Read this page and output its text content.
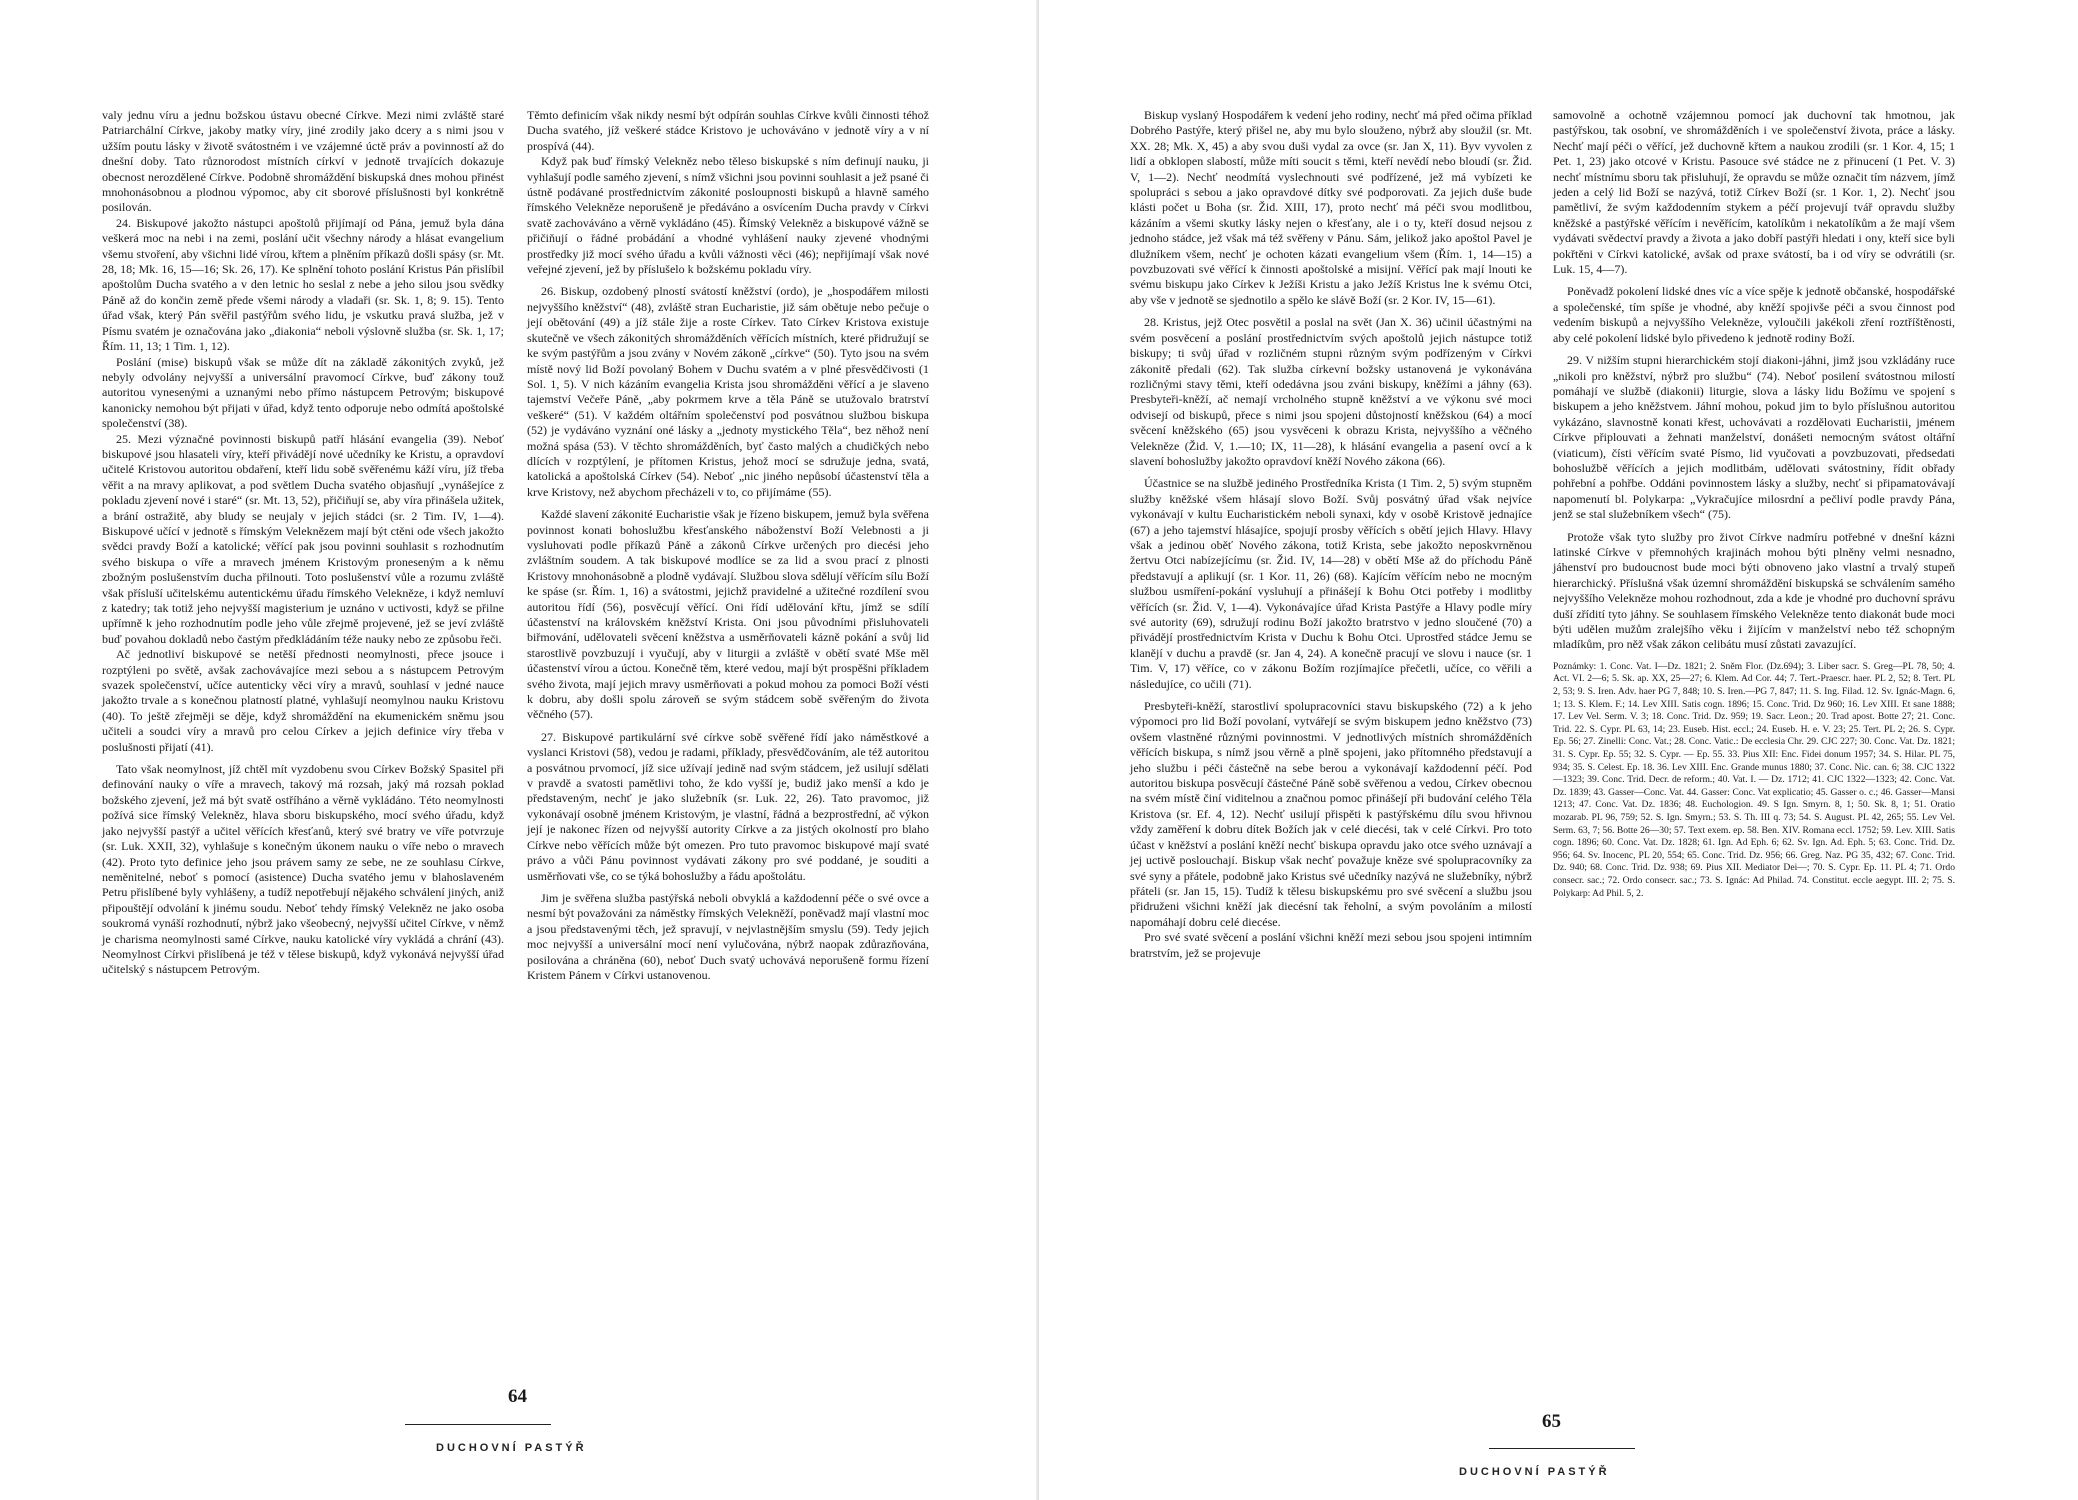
valy jednu víru a jednu božskou ústavu obecné Církve. Mezi nimi zvláště staré Patriarchální Církve, jakoby matky víry, jiné zrodily jako dcery a s nimi jsou v užším poutu lásky v životě svátostném i ve vzájemné úctě práv a povinností až do dnešní doby. Tato různorodost místních církví v jednotě trvajících dokazuje obecnost nerozdělené Církve. Podobně shromáždění biskupská dnes mohou přinést mnohonásobnou a plodnou výpomoc, aby cit sborové příslušnosti byl konkrétně posilován.

24. Biskupové jakožto nástupci apoštolů přijímají od Pána, jemuž byla dána veškerá moc na nebi i na zemi, poslání učit všechny národy a hlásat evangelium všemu stvoření, aby všichni lidé vírou, křtem a plněním příkazů došli spásy (sr. Mt. 28, 18; Mk. 16, 15—16; Sk. 26, 17). Ke splnění tohoto poslání Kristus Pán přislíbil apoštolům Ducha svatého a v den letnic ho seslal z nebe a jeho silou jsou svědky Páně až do končin země přede všemi národy a vladaři (sr. Sk. 1, 8; 9. 15). Tento úřad však, který Pán svěřil pastýřům svého lidu, je vskutku pravá služba, jež v Písmu svatém je označována jako „diakonia“ neboli výslovně služba (sr. Sk. 1, 17; Řím. 11, 13; 1 Tim. 1, 12).

Poslání (mise) biskupů však se může dít na základě zákonitých zvyků, jež nebyly odvolány nejvyšší a universální pravomocí Církve, buď zákony touž autoritou vynesenými a uznanými nebo přímo nástupcem Petrovým; biskupové kanonicky nemohou být přijati v úřad, když tento odporuje nebo odmítá apoštolské společenství (38).

25. Mezi význačné povinnosti biskupů patří hlásání evangelia (39). Neboť biskupové jsou hlasateli víry, kteří přivádějí nové učedníky ke Kristu, a opravdoví učitelé Kristovou autoritou obdaření, kteří lidu sobě svěřenému káží víru, jíž třeba věřit a na mravy aplikovat, a pod světlem Ducha svatého objasňují „vynášejíce z pokladu zjevení nové i staré“ (sr. Mt. 13, 52), přičiňují se, aby víra přinášela užitek, a brání ostražitě, aby bludy se neujaly v jejich stádci (sr. 2 Tim. IV, 1—4). Biskupové učící v jednotě s římským Veleknězem mají být ctěni ode všech jakožto svědci pravdy Boží a katolické; věřící pak jsou povinni souhlasit s rozhodnutím svého biskupa o víře a mravech jménem Kristovým proneseným a k němu zbožným poslušenstvím ducha přilnouti. Toto poslušenství vůle a rozumu zvláště však přísluší učitelskému autentickému úřadu římského Velekněze, i když nemluví z katedry; tak totiž jeho nejvyšší magisterium je uznáno v uctivosti, když se přilne upřímně k jeho rozhodnutím podle jeho vůle zřejmě projevené, jež se jeví zvláště buď povahou dokladů nebo častým předkládáním téže nauky nebo ze způsobu řeči.

Ač jednotliví biskupové se netěší přednosti neomylnosti, přece jsouce i rozptýleni po světě, avšak zachovávajíce mezi sebou a s nástupcem Petrovým svazek společenství, učíce autenticky věci víry a mravů, souhlasí v jedné nauce jakožto trvale a s konečnou platností platné, vyhlašují neomylnou nauku Kristovu (40). To ještě zřejměji se děje, když shromáždění na ekumenickém sněmu jsou učiteli a soudci víry a mravů pro celou Církev a jejich definice víry třeba v poslušnosti přijatí (41).

Tato však neomylnost, jíž chtěl mít vyzdobenu svou Církev Božský Spasitel při definování nauky o víře a mravech, takový má rozsah, jaký má rozsah poklad božského zjevení, jež má být svatě ostříháno a věrně vykládáno. Této neomylnosti požívá sice římský Velekněz, hlava sboru biskupského, mocí svého úřadu, když jako nejvyšší pastýř a učitel věřících křesťanů, který své bratry ve víře potvrzuje (sr. Luk. XXII, 32), vyhlašuje s konečným úkonem nauku o víře nebo o mravech (42). Proto tyto definice jeho jsou právem samy ze sebe, ne ze souhlasu Církve, neměnitelné, neboť s pomocí (asistence) Ducha svatého jemu v blahoslaveném Petru přislíbené byly vyhlášeny, a tudíž nepotřebují nějakého schválení jiných, aniž připouštějí odvolání k jinému soudu. Neboť tehdy římský Velekněz ne jako osoba soukromá vynáší rozhodnutí, nýbrž jako všeobecný, nejvyšší učitel Církve, v němž je charisma neomylnosti samé Církve, nauku katolické víry vykládá a chrání (43). Neomylnost Církvi přislíbená je též v tělese biskupů, když vykonává nejvyšší úřad učitelský s nástupcem Petrovým.

Těmto definicím však nikdy nesmí být odpírán souhlas Církve kvůli činnosti téhož Ducha svatého, jíž veškeré stádce Kristovo je uchováváno v jednotě víry a v ní prospívá (44).

Když pak buď římský Velekněz nebo těleso biskupské s ním definují nauku, ji vyhlašují podle samého zjevení, s nímž všichni jsou povinni souhlasit a jež psané či ústně podávané prostřednictvím zákonité posloupnosti biskupů a hlavně samého římského Velekněze neporušeně je předáváno a osvícením Ducha pravdy v Církvi svatě zachováváno a věrně vykládáno (45). Římský Velekněz a biskupové vážně se přičiňují o řádné probádání a vhodné vyhlášení nauky zjevené vhodnými prostředky již mocí svého úřadu a kvůli vážnosti věci (46); nepřijímají však nové veřejné zjevení, jež by příslušelo k božskému pokladu víry.

26. Biskup, ozdobený plností svátostí kněžství (ordo), je „hospodářem milosti nejvyššího kněžství“ (48), zvláště stran Eucharistie, již sám obětuje nebo pečuje o její obětování (49) a jíž stále žije a roste Církev. Tato Církev Kristova existuje skutečně ve všech zákonitých shromážděních věřících místních, které přidružují se ke svým pastýřům a jsou zvány v Novém zákoně „církve“ (50). Tyto jsou na svém místě nový lid Boží povolaný Bohem v Duchu svatém a v plné přesvědčivosti (1 Sol. 1, 5). V nich kázáním evangelia Krista jsou shromážděni věřící a je slaveno tajemství Večeře Páně, „aby pokrmem krve a těla Páně se utužovalo bratrství veškeré“ (51). V každém oltářním společenství pod posvátnou službou biskupa (52) je vydáváno vyznání oné lásky a „jednoty mystického Těla“, bez něhož není možná spása (53). V těchto shromážděních, byť často malých a chudičkých nebo dlících v rozptýlení, je přítomen Kristus, jehož mocí se sdružuje jedna, svatá, katolická a apoštolská Církev (54). Neboť „nic jiného nepůsobí účastenství těla a krve Kristovy, než abychom přecházeli v to, co přijímáme (55).

Každé slavení zákonité Eucharistie však je řízeno biskupem, jemuž byla svěřena povinnost konati bohoslužbu křesťanského náboženství Boží Velebnosti a ji vysluhovati podle příkazů Páně a zákonů Církve určených pro diecési jeho zvláštním soudem. A tak biskupové modlíce se za lid a svou prací z plnosti Kristovy mnohonásobně a plodně vydávají. Službou slova sdělují věřícím sílu Boží ke spáse (sr. Řím. 1, 16) a svátostmi, jejichž pravidelné a užitečné rozdílení svou autoritou řídí (56), posvěcují věřící. Oni řídí udělování křtu, jímž se sdílí účastenství na královském kněžství Krista. Oni jsou původními přisluhovateli biřmování, udělovateli svěcení kněžstva a usměrňovateli kázně pokání a svůj lid starostlivě povzbuzují i vyučují, aby v liturgii a zvláště v obětí svaté Mše měl účastenství vírou a úctou. Konečně těm, které vedou, mají být prospěšni příkladem svého života, mají jejich mravy usměrňovati a pokud mohou za pomoci Boží vésti k dobru, aby došli spolu zároveň se svým stádcem sobě svěřeným do života věčného (57).

27. Biskupové partikulární své církve sobě svěřené řídí jako náměstkové a vyslanci Kristovi (58), vedou je radami, příklady, přesvědčováním, ale též autoritou a posvátnou prvomocí, jíž sice užívají jedině nad svým stádcem, jež usilují sdělati v pravdě a svatosti pamětlivi toho, že kdo vyšší je, budiž jako menší a kdo je představeným, nechť je jako služebník (sr. Luk. 22, 26). Tato pravomoc, již vykonávají osobně jménem Kristovým, je vlastní, řádná a bezprostřední, ač výkon její je nakonec řízen od nejvyšší autority Církve a za jistých okolností pro blaho Církve nebo věřících může být omezen. Pro tuto pravomoc biskupové mají svaté právo a vůči Pánu povinnost vydávati zákony pro své poddané, je souditi a usměrňovati vše, co se týká bohoslužby a řádu apoštolátu.

Jim je svěřena služba pastýřská neboli obvyklá a každodenní péče o své ovce a nesmí být považováni za náměstky římských Velekněží, poněvadž mají vlastní moc a jsou představenými těch, jež spravují, v nejvlastnějším smyslu (59). Tedy jejich moc nejvyšší a universální mocí není vylučována, nýbrž naopak zdůrazňována, posilována a chráněna (60), neboť Duch svatý uchovává neporušeně formu řízení Kristem Pánem v Církvi ustanovenou.

64
DUCHOVNÍ PASTÝŘ

Biskup vyslaný Hospodářem k vedení jeho rodiny, nechť má před očima příklad Dobrého Pastýře, který přišel ne, aby mu bylo slouženo, nýbrž aby sloužil (sr. Mt. XX. 28; Mk. X, 45) a aby svou duši vydal za ovce (sr. Jan X, 11). Byv vyvolen z lidí a obklopen slabostí, může míti soucit s těmi, kteří nevědí nebo bloudí (sr. Žid. V, 1—2). Nechť neodmítá vyslechnouti své podřízené, jež má vybízeti ke spolupráci s sebou a jako opravdové dítky své podporovati. Za jejich duše bude klásti počet u Boha (sr. Žid. XIII, 17), proto nechť má péči svou modlitbou, kázáním a všemi skutky lásky nejen o křesťany, ale i o ty, kteří dosud nejsou z jednoho stádce, jež však má též svěřeny v Pánu. Sám, jelikož jako apoštol Pavel je dlužníkem všem, nechť je ochoten kázati evangelium všem (Řím. 1, 14—15) a povzbuzovati své věřící k činnosti apoštolské a misijní. Věřící pak mají lnouti ke svému biskupu jako Církev k Ježíši Kristu a jako Ježíš Kristus lne k svému Otci, aby vše v jednotě se sjednotilo a spělo ke slávě Boží (sr. 2 Kor. IV, 15—61).

28. Kristus, jejž Otec posvětil a poslal na svět (Jan X. 36) učinil účastnými na svém posvěcení a poslání prostřednictvím svých apoštolů jejich nástupce totiž biskupy; ti svůj úřad v rozličném stupni různým svým podřízeným v Církvi zákonitě předali (62). Tak služba církevní božsky ustanovená je vykonávána rozličnými stavy těmi, kteří odedávna jsou zváni biskupy, kněžími a jáhny (63). Presbyteři-kněží, ač nemají vrcholného stupně kněžství a ve výkonu své moci odvisejí od biskupů, přece s nimi jsou spojeni důstojností kněžskou (64) a mocí svěcení kněžského (65) jsou vysvěceni k obrazu Krista, nejvyššího a věčného Velekněze (Žid. V, 1.—10; IX, 11—28), k hlásání evangelia a pasení ovcí a k slavení bohoslužby jakožto opravdoví kněží Nového zákona (66).

Účastnice se na službě jediného Prostředníka Krista (1 Tim. 2, 5) svým stupněm služby kněžské všem hlásají slovo Boží. Svůj posvátný úřad však nejvíce vykonávají v kultu Eucharistickém neboli synaxi, kdy v osobě Kristově jednajíce (67) a jeho tajemství hlásajíce, spojují prosby věřících s obětí jejich Hlavy. Hlavy však a jedinou oběť Nového zákona, totiž Krista, sebe jakožto neposkvrněnou žertvu Otci nabízejícímu (sr. Žid. IV, 14—28) v obětí Mše až do příchodu Páně představují a aplikují (sr. 1 Kor. 11, 26) (68). Kajícím věřícím nebo ne mocným službou usmíření-pokání vysluhují a přinášejí k Bohu Otci potřeby i modlitby věřících (sr. Žid. V, 1—4). Vykonávajíce úřad Krista Pastýře a Hlavy podle míry své autority (69), sdružují rodinu Boží jakožto bratrstvo v jedno sloučené (70) a přivádějí prostřednictvím Krista v Duchu k Bohu Otci. Uprostřed stádce Jemu se klanějí v duchu a pravdě (sr. Jan 4, 24). A konečně pracují ve slovu i nauce (sr. 1 Tim. V, 17) věříce, co v zákonu Božím rozjímajíce přečetli, učíce, co věřili a následujíce, co učili (71).

Presbyteři-kněží, starostliví spolupracovníci stavu biskupského (72) a k jeho výpomoci pro lid Boží povolaní, vytvářejí se svým biskupem jedno kněžstvo (73) ovšem vlastněné různými povinnostmi. V jednotlivých místních shromážděních věřících biskupa, s nímž jsou věrně a plně spojeni, jako přítomného představují a jeho službu i péči částečně na sebe berou a vykonávají každodenní péčí. Pod autoritou biskupa posvěcují částečné Páně sobě svěřenou a vedou, Církev obecnou na svém místě činí viditelnou a značnou pomoc přinášejí při budování celého Těla Kristova (sr. Ef. 4, 12). Nechť usilují přispěti k pastýřskému dílu svou hřivnou vždy zaměření k dobru dítek Božích jak v celé diecési, tak v celé Církvi. Pro toto účast v kněžství a poslání kněží nechť biskupa opravdu jako otce svého uznávají a jej uctivě poslouchají. Biskup však nechť považuje kněze své spolupracovníky za své syny a přátele, podobně jako Kristus své učedníky nazývá ne služebníky, nýbrž přáteli (sr. Jan 15, 15). Tudíž k tělesu biskupskému pro své svěcení a službu jsou přidruženi všichni kněží jak diecésní tak řeholní, a svým povoláním a milostí napomáhají dobru celé diecése.

Pro své svaté svěcení a poslání všichni kněží mezi sebou jsou spojeni intimním bratrstvím, jež se projevuje

samovolně a ochotně vzájemnou pomocí jak duchovní tak hmotnou, jak pastýřskou, tak osobní, ve shromážděních i ve společenství života, práce a lásky. Nechť mají péči o věřící, jež duchovně křtem a naukou zrodili (sr. 1 Kor. 4, 15; 1 Pet. 1, 23) jako otcové v Kristu. Pasouce své stádce ne z přinucení (1 Pet. V. 3) nechť místnímu sboru tak přisluhují, že opravdu se může označit tím názvem, jímž jeden a celý lid Boží se nazývá, totiž Církev Boží (sr. 1 Kor. 1, 2). Nechť jsou pamětliví, že svým každodenním stykem a péčí projevují tvář opravdu služby kněžské a pastýřské věřícím i nevěřícím, katolíkům i nekatolíkům a že mají všem vydávati svědectví pravdy a života a jako dobří pastýři hledati i ony, kteří sice byli pokřtěni v Církvi katolické, avšak od praxe svátostí, ba i od víry se odvrátili (sr. Luk. 15, 4—7).

Poněvadž pokolení lidské dnes víc a více spěje k jednotě občanské, hospodářské a společenské, tím spíše je vhodné, aby kněží spojivše péči a svou činnost pod vedením biskupů a nejvyššího Velekněze, vyloučili jakékoli zření roztříštěnosti, aby celé pokolení lidské bylo přivedeno k jednotě rodiny Boží.

29. V nižším stupni hierarchickém stojí diakoni-jáhni, jimž jsou vzkládány ruce „nikoli pro kněžství, nýbrž pro službu“ (74). Neboť posilení svátostnou milostí pomáhají ve službě (diakonii) liturgie, slova a lásky lidu Božímu ve spojení s biskupem a jeho kněžstvem. Jáhní mohou, pokud jim to bylo příslušnou autoritou vykázáno, slavnostně konati křest, uchovávati a rozdělovati Eucharistii, jménem Církve připlouvati a žehnati manželství, donášeti nemocným svátost oltářní (viaticum), čísti věřícím svaté Písmo, lid vyučovati a povzbuzovati, předsedati bohoslužbě věřících a jejich modlitbám, udělovati svátostniny, řídit obřady pohřební a pohřbe. Oddáni povinnostem lásky a služby, nechť si připamatovávají napomenutí bl. Polykarpa: „Vykračujíce milosrdní a pečliví podle pravdy Pána, jenž se stal služebníkem všech“ (75).

Protože však tyto služby pro život Církve nadmíru potřebné v dnešní kázni latinské Církve v přemnohých krajinách mohou býti plněny velmi nesnadno, jáhenství pro budoucnost bude moci býti obnoveno jako vlastní a trvalý stupeň hierarchický. Příslušná však územní shromáždění biskupská se schválením samého nejvyššího Velekněze mohou rozhodnout, zda a kde je vhodné pro duchovní správu duší zřídití tyto jáhny. Se souhlasem římského Velekněze tento diakonát bude moci býti udělen mužům zralejšího věku i žijícím v manželství nebo též schopným mladíkům, pro něž však zákon celibátu musí zůstati zavazující.

Poznámky: 1. Conc. Vat. I—Dz. 1821; 2. Sněm Flor. (Dz.694); 3. Liber sacr. S. Greg—PL 78, 50; 4. Act. VI. 2—6; 5. Sk. ap. XX, 25—27; 6. Klem. Ad Cor. 44; 7. Tert.-Praescr. haer. PL 2, 52; 8. Tert. PL 2, 53; 9. S. Iren. Adv. haer PG 7, 848; 10. S. Iren.—PG 7, 847; 11. S. Ing. Filad. 12. Sv. Ignác-Magn. 6, 1; 13. S. Klem. F.; 14. Lev XIII. Satis cogn. 1896; 15. Conc. Trid. Dz 960; 16. Lev XIII. Et sane 1888; 17. Lev Vel. Serm. V. 3; 18. Conc. Trid. Dz. 959; 19. Sacr. Leon.; 20. Trad apost. Botte 27; 21. Conc. Trid. 22. S. Cypr. PL 63, 14; 23. Euseb. Hist. eccl.; 24. Euseb. H. e. V. 23; 25. Tert. PL 2; 26. S. Cypr. Ep. 56; 27. Zinelli: Conc. Vat.; 28. Conc. Vatic.: De ecclesia Chr. 29. CJC 227; 30. Conc. Vat. Dz. 1821; 31. S. Cypr. Ep. 55; 32. S. Cypr. — Ep. 55. 33. Pius XII: Enc. Fidei donum 1957; 34. S. Hilar. PL 75, 934; 35. S. Celest. Ep. 18. 36. Lev XIII. Enc. Grande munus 1880; 37. Conc. Nic. can. 6; 38. CJC 1322—1323; 39. Conc. Trid. Decr. de reform.; 40. Vat. I. — Dz. 1712; 41. CJC 1322—1323; 42. Conc. Vat. Dz. 1839; 43. Gasser—Conc. Vat. 44. Gasser: Conc. Vat explicatio; 45. Gasser o. c.; 46. Gasser—Mansi 1213; 47. Conc. Vat. Dz. 1836; 48. Euchologion. 49. S Ign. Smyrn. 8, 1; 50. Sk. 8, 1; 51. Oratio mozarab. PL 96, 759; 52. S. Ign. Smyrn.; 53. S. Th. III q. 73; 54. S. August. PL 42, 265; 55. Lev Vel. Serm. 63, 7; 56. Botte 26—30; 57. Text exem. ep. 58. Ben. XIV. Romana eccl. 1752; 59. Lev. XIII. Satis cogn. 1896; 60. Conc. Vat. Dz. 1828; 61. Ign. Ad Eph. 6; 62. Sv. Ign. Ad. Eph. 5; 63. Conc. Trid. Dz. 956; 64. Sv. Inocenc, PL 20, 554; 65. Conc. Trid. Dz. 956; 66. Greg. Naz. PG 35, 432; 67. Conc. Trid. Dz. 940; 68. Conc. Trid. Dz. 938; 69. Pius XII. Mediator Dei—; 70. S. Cypr. Ep. 11. PL 4; 71. Ordo consecr. sac.; 72. Ordo consecr. sac.; 73. S. Ignác: Ad Philad. 74. Constitut. eccle aegypt. III. 2; 75. S. Polykarp: Ad Phil. 5, 2.
65
DUCHOVNÍ PASTÝŘ
